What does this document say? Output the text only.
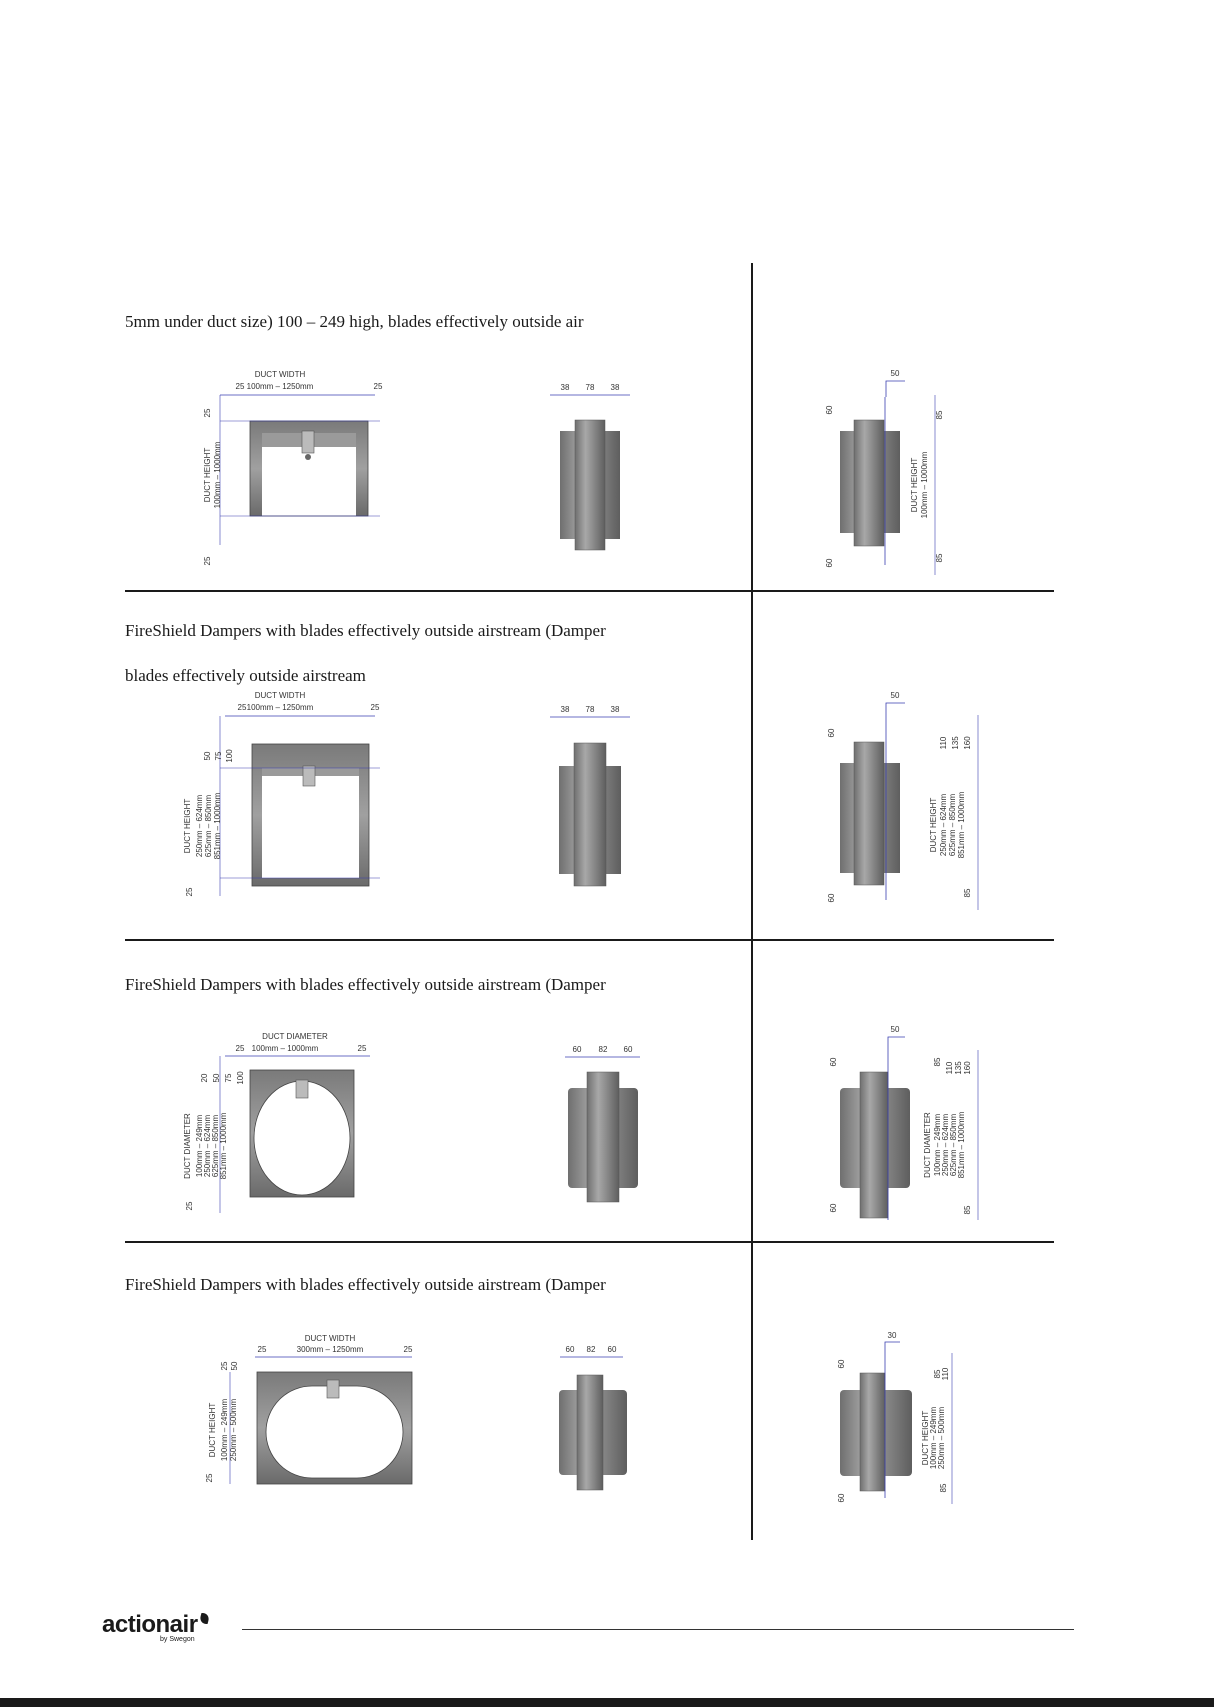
5mm under duct size) 100 – 249 high, blades effectively outside air
FireShield Dampers with blades effectively outside airstream (Damper
blades effectively outside airstream
FireShield Dampers with blades effectively outside airstream (Damper
FireShield Dampers with blades effectively outside airstream (Damper
DUCT WIDTH
100mm – 1250mm
25	25
DUCT HEIGHT 100mm – 1000mm
25
25
38 78 38
50
60
60
85
85
DUCT HEIGHT 100mm – 1000mm
DUCT WIDTH
100mm – 1250mm
25	25
DUCT HEIGHT 250mm – 624mm 625mm – 850mm 851mm – 1000mm
50 75 100
25
38 78 38
50
60
60
110 135 160
85
DUCT HEIGHT 250mm – 624mm 625mm – 850mm 851mm – 1000mm
DUCT DIAMETER
100mm – 1000mm
25	25
DUCT DIAMETER 100mm – 249mm 250mm – 624mm 625mm – 850mm 851mm – 1000mm
20 50 75 100
25
60 82 60
50
60
60
85 110 135 160
85
DUCT DIAMETER 100mm – 249mm 250mm – 624mm 625mm – 850mm 851mm – 1000mm
DUCT WIDTH
300mm – 1250mm
25	25
25 50
DUCT HEIGHT 100mm – 249mm 250mm – 500mm
25
60 82 60
30
60
60
85 110
85
DUCT HEIGHT 100mm – 249mm 250mm – 500mm
actionair
by Swegon
